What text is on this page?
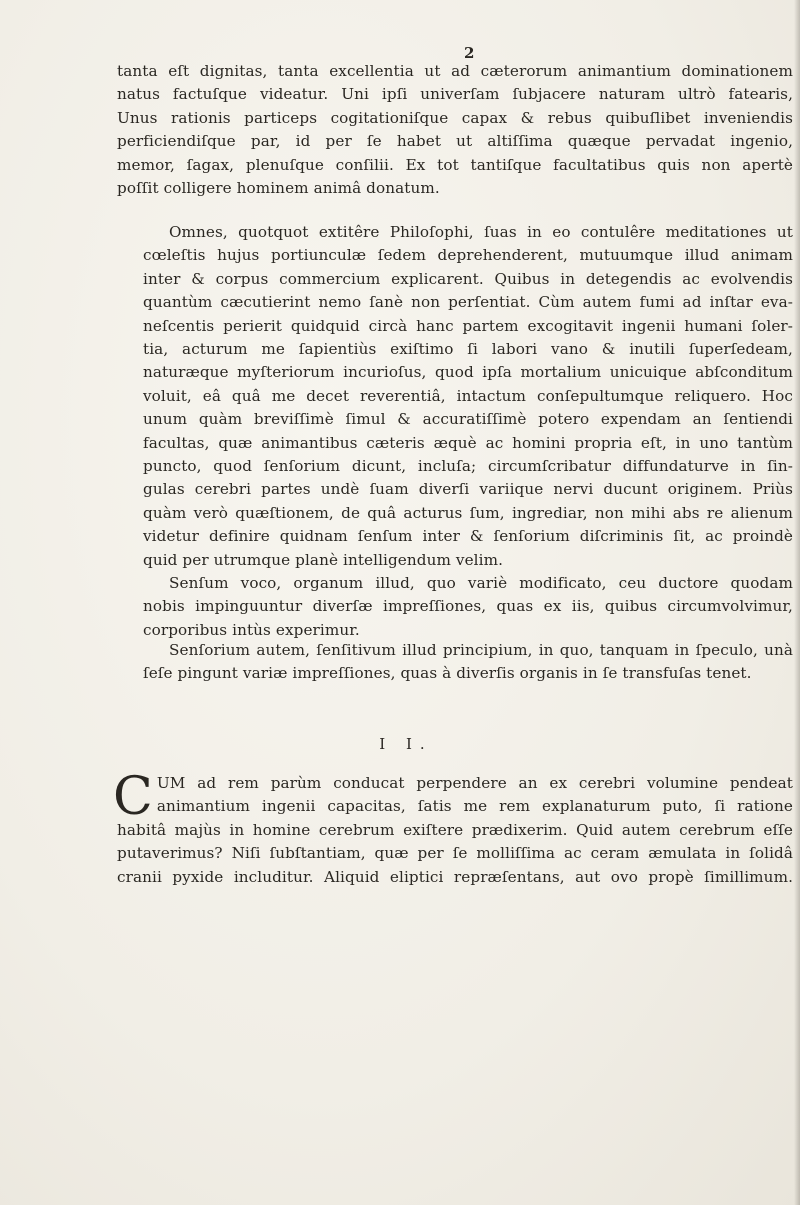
2
tanta eſt dignitas, tanta excellentia ut ad cæterorum animantium dominationem
natus factuſque videatur. Uni ipſi univerſam ſubjacere naturam ultrò fatearis,
Unus rationis particeps cogitationiſque capax & rebus quibuſlibet inveniendis
perficiendiſque par, id per ſe habet ut altiſſima quæque pervadat ingenio,
memor, ſagax, plenuſque conſilii. Ex tot tantiſque facultatibus quis non apertè
poſſit colligere hominem animâ donatum.
Omnes, quotquot extitêre Philoſophi, ſuas in eo contulêre meditationes ut
cœleſtis hujus portiunculæ ſedem deprehenderent, mutuumque illud animam
inter & corpus commercium explicarent. Quibus in detegendis ac evolvendis
quantùm cæcutierint nemo ſanè non perſentiat. Cùm autem fumi ad inſtar eva-
neſcentis perierit quidquid circà hanc partem excogitavit ingenii humani ſoler-
tia, acturum me ſapientiùs exiſtimo ſi labori vano & inutili ſuperſedeam,
naturæque myſteriorum incurioſus, quod ipſa mortalium unicuique abſconditum
voluit, eâ quâ me decet reverentiâ, intactum conſepultumque reliquero. Hoc
unum quàm breviſſimè ſimul & accuratiſſimè potero expendam an ſentiendi
facultas, quæ animantibus cæteris æquè ac homini propria eſt, in uno tantùm
puncto, quod ſenſorium dicunt, incluſa; circumſcribatur diffundaturve in ſin-
gulas cerebri partes undè ſuam diverſi variique nervi ducunt originem. Priùs
quàm verò quæſtionem, de quâ acturus ſum, ingrediar, non mihi abs re alienum
videtur definire quidnam ſenſum inter & ſenſorium diſcriminis ſit, ac proindè
quid per utrumque planè intelligendum velim.
Senſum voco, organum illud, quo variè modificato, ceu ductore quodam
nobis impinguuntur diverſæ impreſſiones, quas ex iis, quibus circumvolvimur,
corporibus intùs experimur.
Senſorium autem, ſenſitivum illud principium, in quo, tanquam in ſpeculo, unà
ſeſe pingunt variæ impreſſiones, quas à diverſis organis in ſe transfuſas tenet.
I I.
C UM ad rem parùm conducat perpendere an ex cerebri volumine pendeat
animantium ingenii capacitas, ſatis me rem explanaturum puto, ſi ratione
habitâ majùs in homine cerebrum exiſtere prædixerim. Quid autem cerebrum eſſe
putaverimus? Niſi ſubſtantiam, quæ per ſe molliſſima ac ceram æmulata in ſolidâ
cranii pyxide includitur. Aliquid eliptici repræſentans, aut ovo propè ſimillimum.
